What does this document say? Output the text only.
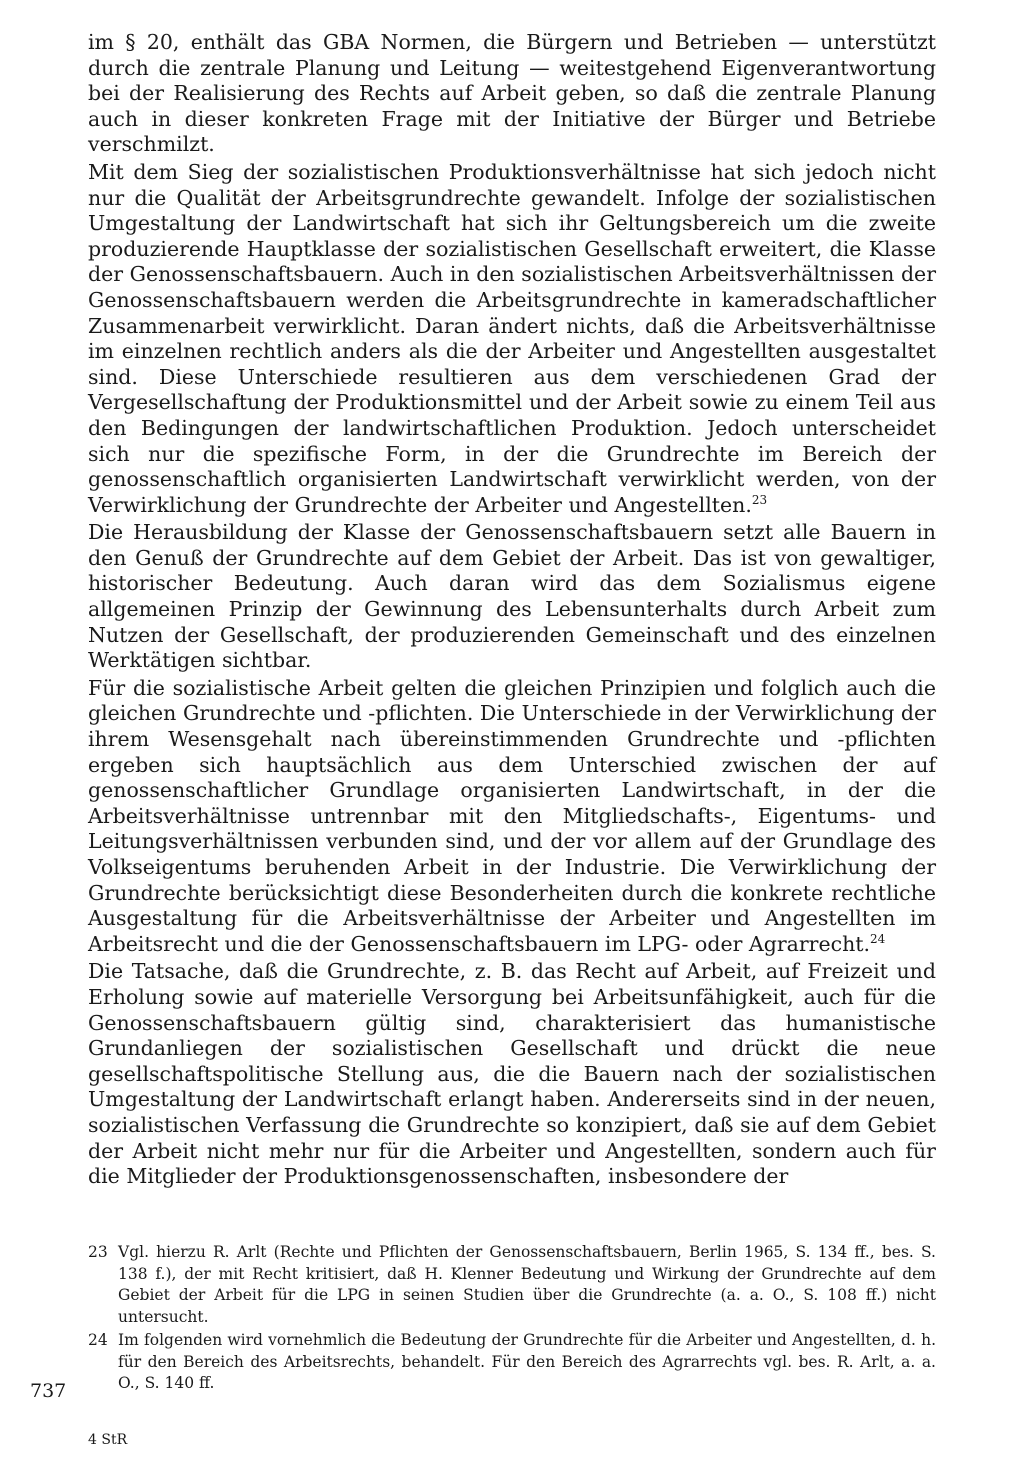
im § 20, enthält das GBA Normen, die Bürgern und Betrieben — unterstützt durch die zentrale Planung und Leitung — weitestgehend Eigenverantwortung bei der Realisierung des Rechts auf Arbeit geben, so daß die zentrale Planung auch in dieser konkreten Frage mit der Initiative der Bürger und Betriebe verschmilzt.

Mit dem Sieg der sozialistischen Produktionsverhältnisse hat sich jedoch nicht nur die Qualität der Arbeitsgrundrechte gewandelt. Infolge der sozialistischen Umgestaltung der Landwirtschaft hat sich ihr Geltungsbereich um die zweite produzierende Hauptklasse der sozialistischen Gesellschaft erweitert, die Klasse der Genossenschaftsbauern. Auch in den sozialistischen Arbeitsverhältnissen der Genossenschaftsbauern werden die Arbeitsgrundrechte in kameradschaftlicher Zusammenarbeit verwirklicht. Daran ändert nichts, daß die Arbeitsverhältnisse im einzelnen rechtlich anders als die der Arbeiter und Angestellten ausgestaltet sind. Diese Unterschiede resultieren aus dem verschiedenen Grad der Vergesellschaftung der Produktionsmittel und der Arbeit sowie zu einem Teil aus den Bedingungen der landwirtschaftlichen Produktion. Jedoch unterscheidet sich nur die spezifische Form, in der die Grundrechte im Bereich der genossenschaftlich organisierten Landwirtschaft verwirklicht werden, von der Verwirklichung der Grundrechte der Arbeiter und Angestellten.$^{23}$

Die Herausbildung der Klasse der Genossenschaftsbauern setzt alle Bauern in den Genuß der Grundrechte auf dem Gebiet der Arbeit. Das ist von gewaltiger, historischer Bedeutung. Auch daran wird das dem Sozialismus eigene allgemeinen Prinzip der Gewinnung des Lebensunterhalts durch Arbeit zum Nutzen der Gesellschaft, der produzierenden Gemeinschaft und des einzelnen Werktätigen sichtbar.

Für die sozialistische Arbeit gelten die gleichen Prinzipien und folglich auch die gleichen Grundrechte und -pflichten. Die Unterschiede in der Verwirklichung der ihrem Wesensgehalt nach übereinstimmenden Grundrechte und -pflichten ergeben sich hauptsächlich aus dem Unterschied zwischen der auf genossenschaftlicher Grundlage organisierten Landwirtschaft, in der die Arbeitsverhältnisse untrennbar mit den Mitgliedschafts-, Eigentums- und Leitungsverhältnissen verbunden sind, und der vor allem auf der Grundlage des Volkseigentums beruhenden Arbeit in der Industrie. Die Verwirklichung der Grundrechte berücksichtigt diese Besonderheiten durch die konkrete rechtliche Ausgestaltung für die Arbeitsverhältnisse der Arbeiter und Angestellten im Arbeitsrecht und die der Genossenschaftsbauern im LPG- oder Agrarrecht.$^{24}$

Die Tatsache, daß die Grundrechte, z. B. das Recht auf Arbeit, auf Freizeit und Erholung sowie auf materielle Versorgung bei Arbeitsunfähigkeit, auch für die Genossenschaftsbauern gültig sind, charakterisiert das humanistische Grundanliegen der sozialistischen Gesellschaft und drückt die neue gesellschaftspolitische Stellung aus, die die Bauern nach der sozialistischen Umgestaltung der Landwirtschaft erlangt haben. Andererseits sind in der neuen, sozialistischen Verfassung die Grundrechte so konzipiert, daß sie auf dem Gebiet der Arbeit nicht mehr nur für die Arbeiter und Angestellten, sondern auch für die Mitglieder der Produktionsgenossenschaften, insbesondere der

23 Vgl. hierzu R. Arlt (Rechte und Pflichten der Genossenschaftsbauern, Berlin 1965, S. 134 ff., bes. S. 138 f.), der mit Recht kritisiert, daß H. Klenner Bedeutung und Wirkung der Grundrechte auf dem Gebiet der Arbeit für die LPG in seinen Studien über die Grundrechte (a. a. O., S. 108 ff.) nicht untersucht.
24 Im folgenden wird vornehmlich die Bedeutung der Grundrechte für die Arbeiter und Angestellten, d. h. für den Bereich des Arbeitsrechts, behandelt. Für den Bereich des Agrarrechts vgl. bes. R. Arlt, a. a. O., S. 140 ff.
737
4 StR
